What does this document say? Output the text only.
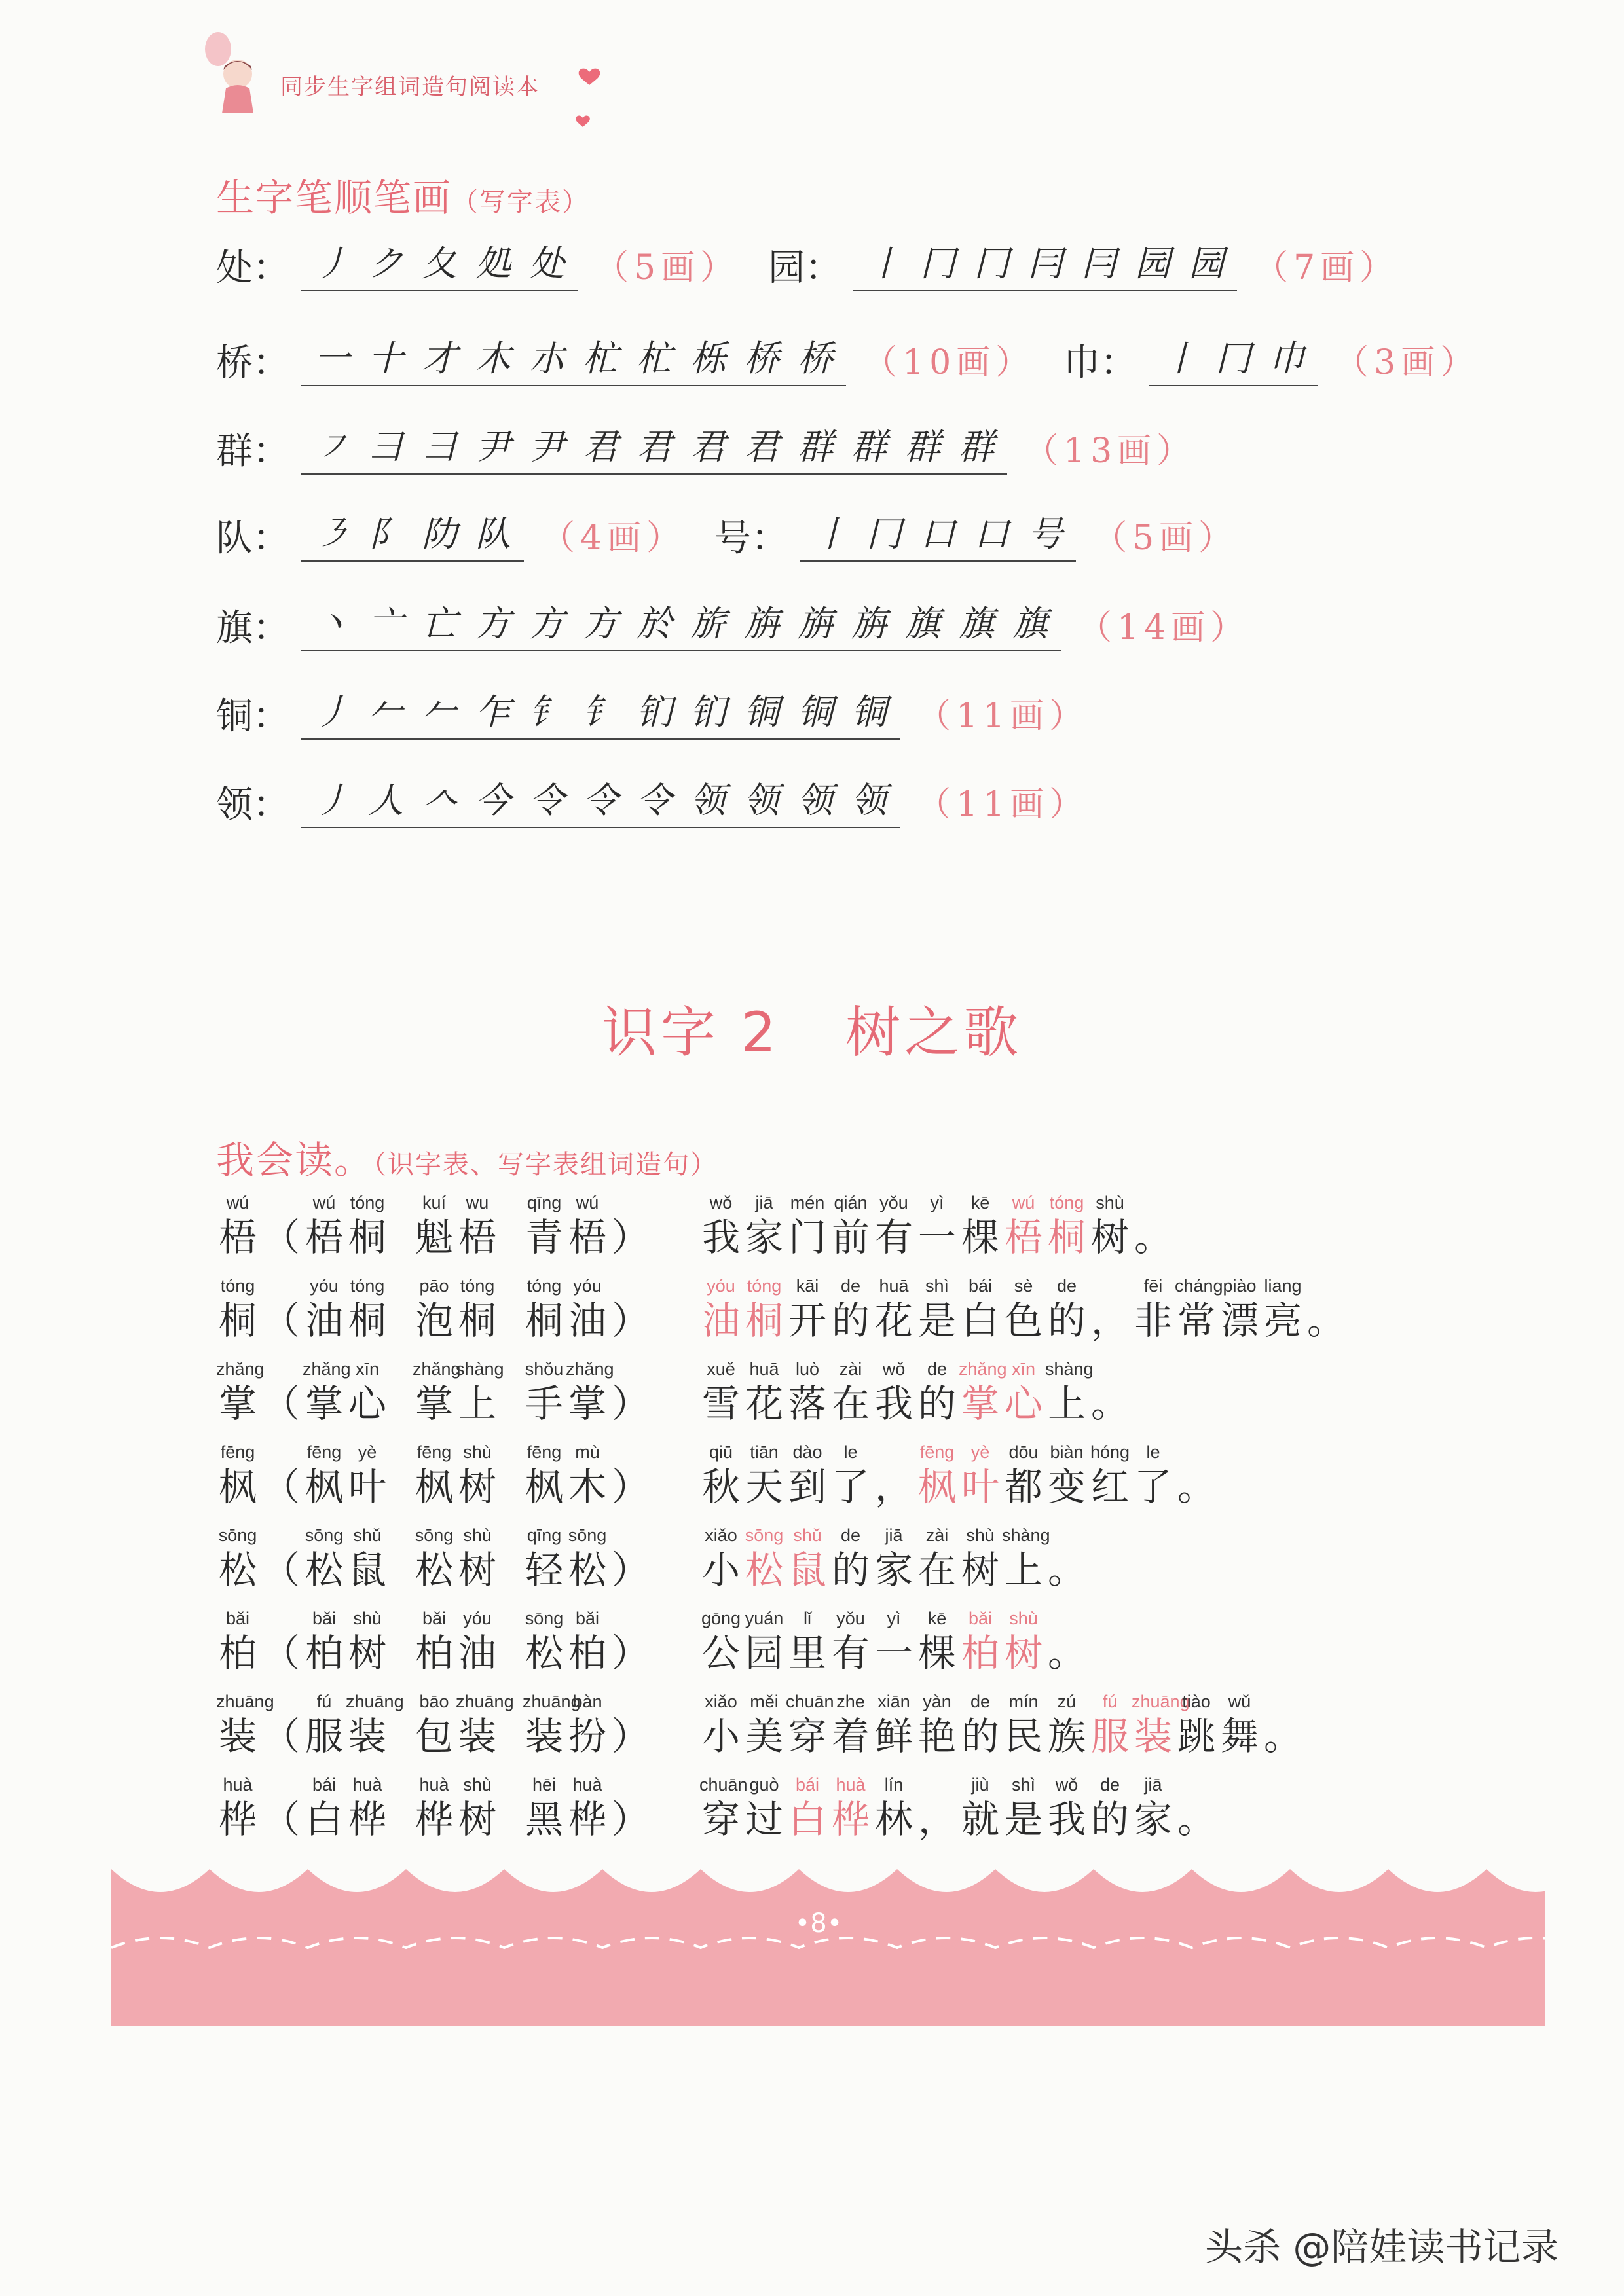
同步生字组词造句阅读本
生字笔顺笔画（写字表）
处： 丿 ク 夂 処 处 （5画） 园： 丨 冂 冂 冃 冃 园 园 （7画）
桥： 一 十 才 木 朩 杧 杧 栎 桥 桥 （10画） 巾： 丨 冂 巾 （3画）
群： ㇇ ⺕ 彐 尹 尹 君 君 君 君 群 群 群 群 （13画）
队： ㇋ 阝 阞 队 （4画） 号： 丨 冂 口 口 号 （5画）
旗： 丶 亠 亡 方 方 方 於 旂 旃 旃 旃 旗 旗 旗 （14画）
铜： 丿 𠂉 𠂉 乍 钅 钅 钔 钔 铜 铜 铜 （11画）
领： 丿 人 𠆢 今 令 令 令 领 领 领 领 （11画）
识字 2 树之歌
我会读。（识字表、写字表组词造句）
wú
梧 （
wú
梧
tóng
桐
kuí
魁
wu
梧
qīng
青
wú
梧 ）
wǒ
我
jiā
家
mén
门
qián
前
yǒu
有
yì
一
kē
棵
wú
梧
tóng
桐
shù
树 。
tóng
桐 （
yóu
油
tóng
桐
pāo
泡
tóng
桐
tóng
桐
yóu
油 ）
yóu
油
tóng
桐
kāi
开
de
的
huā
花
shì
是
bái
白
sè
色
de
的 ，
fēi
非
cháng
常
piào
漂
liang
亮 。
zhǎng
掌 （
zhǎng
掌
xīn
心
zhǎng
掌
shàng
上
shǒu
手
zhǎng
掌 ）
xuě
雪
huā
花
luò
落
zài
在
wǒ
我
de
的
zhǎng
掌
xīn
心
shàng
上 。
fēng
枫 （
fēng
枫
yè
叶
fēng
枫
shù
树
fēng
枫
mù
木 ）
qiū
秋
tiān
天
dào
到
le
了 ，
fēng
枫
yè
叶
dōu
都
biàn
变
hóng
红
le
了 。
sōng
松 （
sōng
松
shǔ
鼠
sōng
松
shù
树
qīng
轻
sōng
松 ）
xiǎo
小
sōng
松
shǔ
鼠
de
的
jiā
家
zài
在
shù
树
shàng
上 。
bǎi
柏 （
bǎi
柏
shù
树
bǎi
柏
yóu
油
sōng
松
bǎi
柏 ）
gōng
公
yuán
园
lǐ
里
yǒu
有
yì
一
kē
棵
bǎi
柏
shù
树 。
zhuāng
装 （
fú
服
zhuāng
装
bāo
包
zhuāng
装
zhuāng
装
bàn
扮 ）
xiǎo
小
měi
美
chuān
穿
zhe
着
xiān
鲜
yàn
艳
de
的
mín
民
zú
族
fú
服
zhuāng
装
tiào
跳
wǔ
舞 。
huà
桦 （
bái
白
huà
桦
huà
桦
shù
树
hēi
黑
huà
桦 ）
chuān
穿
guò
过
bái
白
huà
桦
lín
林 ，
jiù
就
shì
是
wǒ
我
de
的
jiā
家 。
•8•
头杀 @陪娃读书记录
